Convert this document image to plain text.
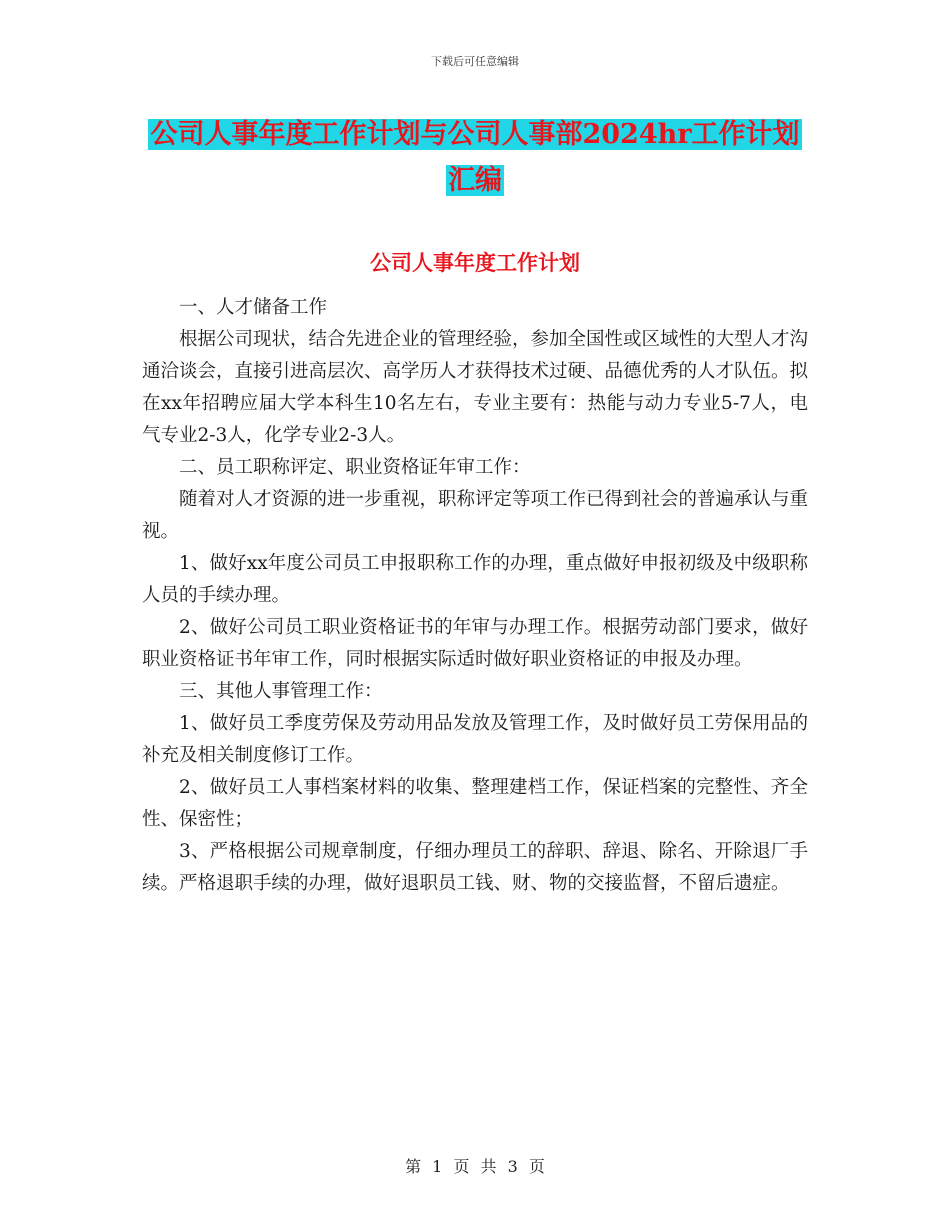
下载后可任意编辑
公司人事年度工作计划与公司人事部2024hr工作计划
汇编
公司人事年度工作计划

一、人才储备工作

根据公司现状，结合先进企业的管理经验，参加全国性或区域性的大型人才沟通洽谈会，直接引进高层次、高学历人才获得技术过硬、品德优秀的人才队伍。拟在xx年招聘应届大学本科生10名左右，专业主要有：热能与动力专业5-7人，电气专业2-3人，化学专业2-3人。

二、员工职称评定、职业资格证年审工作：

随着对人才资源的进一步重视，职称评定等项工作已得到社会的普遍承认与重视。

1、做好xx年度公司员工申报职称工作的办理，重点做好申报初级及中级职称人员的手续办理。

2、做好公司员工职业资格证书的年审与办理工作。根据劳动部门要求，做好职业资格证书年审工作，同时根据实际适时做好职业资格证的申报及办理。

三、其他人事管理工作：

1、做好员工季度劳保及劳动用品发放及管理工作，及时做好员工劳保用品的补充及相关制度修订工作。

2、做好员工人事档案材料的收集、整理建档工作，保证档案的完整性、齐全性、保密性；

3、严格根据公司规章制度，仔细办理员工的辞职、辞退、除名、开除退厂手续。严格退职手续的办理，做好退职员工钱、财、物的交接监督，不留后遗症。

第 1 页 共 3 页
